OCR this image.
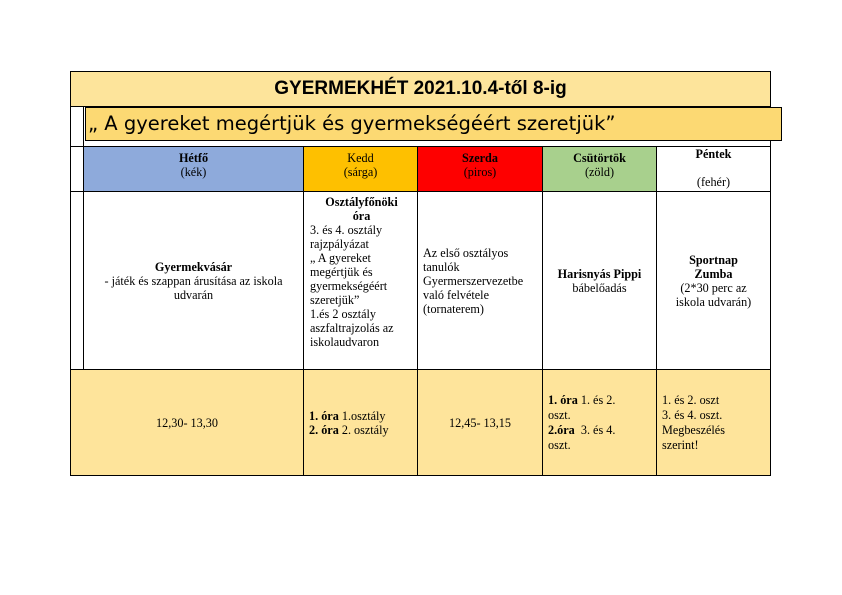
GYERMEKHÉT 2021.10.4-től 8-ig
„ A gyereket megértjük és gyermekségéért szeretjük”
Hétfő
(kék)
Kedd
(sárga)
Szerda
(piros)
Csütörtök
(zöld)
Péntek
(fehér)
Gyermekvásár
- játék és szappan árusítása az iskola udvarán
Osztályfőnöki
óra
3. és 4. osztály
rajzpályázat
„ A gyereket
megértjük és
gyermekségéért
szeretjük”
1.és 2 osztály
aszfaltrajzolás az
iskolaudvaron
Az első osztályos
tanulók
Gyermerszervezetbe
való felvétele
(tornaterem)
Harisnyás Pippi
bábelőadás
Sportnap
Zumba
(2*30 perc az
iskola udvarán)
12,30- 13,30	1. óra 1.osztály
2. óra 2. osztály	12,45- 13,15
1. óra 1. és 2.
oszt.
2.óra  3. és 4.
oszt.
1. és 2. oszt
3. és 4. oszt.
Megbeszélés
szerint!
